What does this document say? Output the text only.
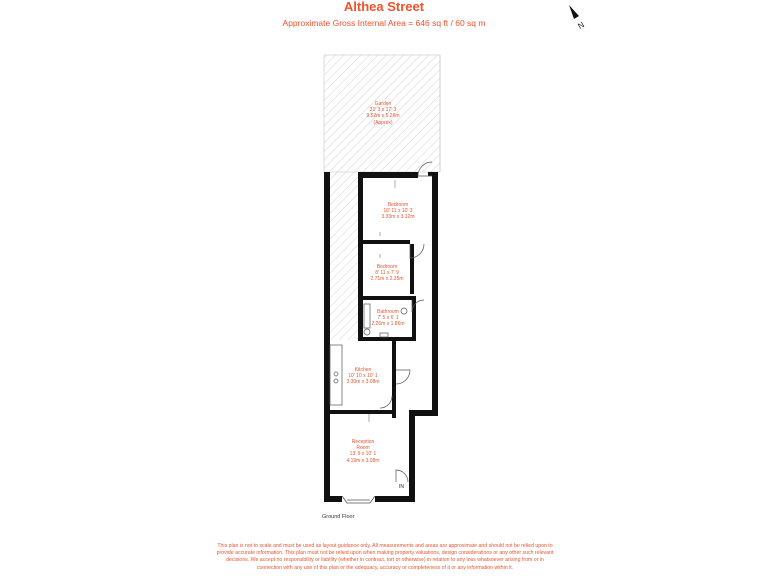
Althea Street
Approximate Gross Internal Area = 646 sq ft / 60 sq m	N
Garden
31' 3 x 17' 3
9.52m x 5.26m
(Approx)
Bedroom
10' 11 x 10' 3
3.33m x 3.12m
Bedroom
8' 11 x 7' 9
2.71m x 2.35m
Bathroom
7' 5 x 6' 1
2.26m x 1.86m
Kitchen
10' 10 x 10' 1
3.30m x 3.08m
Reception
Room
13' 9 x 10' 1
4.19m x 3.08m
IN
Ground Floor
This plan is not to scale and must be used as layout guidance only. All measurements and areas are approximate and should not be relied upon to
provide accurate information. This plan must not be relied upon when making property valuations, design considerations or any other such relevant
decisions. We accept no responsibility or liability (whether in contract, tort or otherwise) in relation to any loss whatsoever arising from or in
connection with any use of this plan or the adequacy, accuracy or completeness of it or any information within it.
